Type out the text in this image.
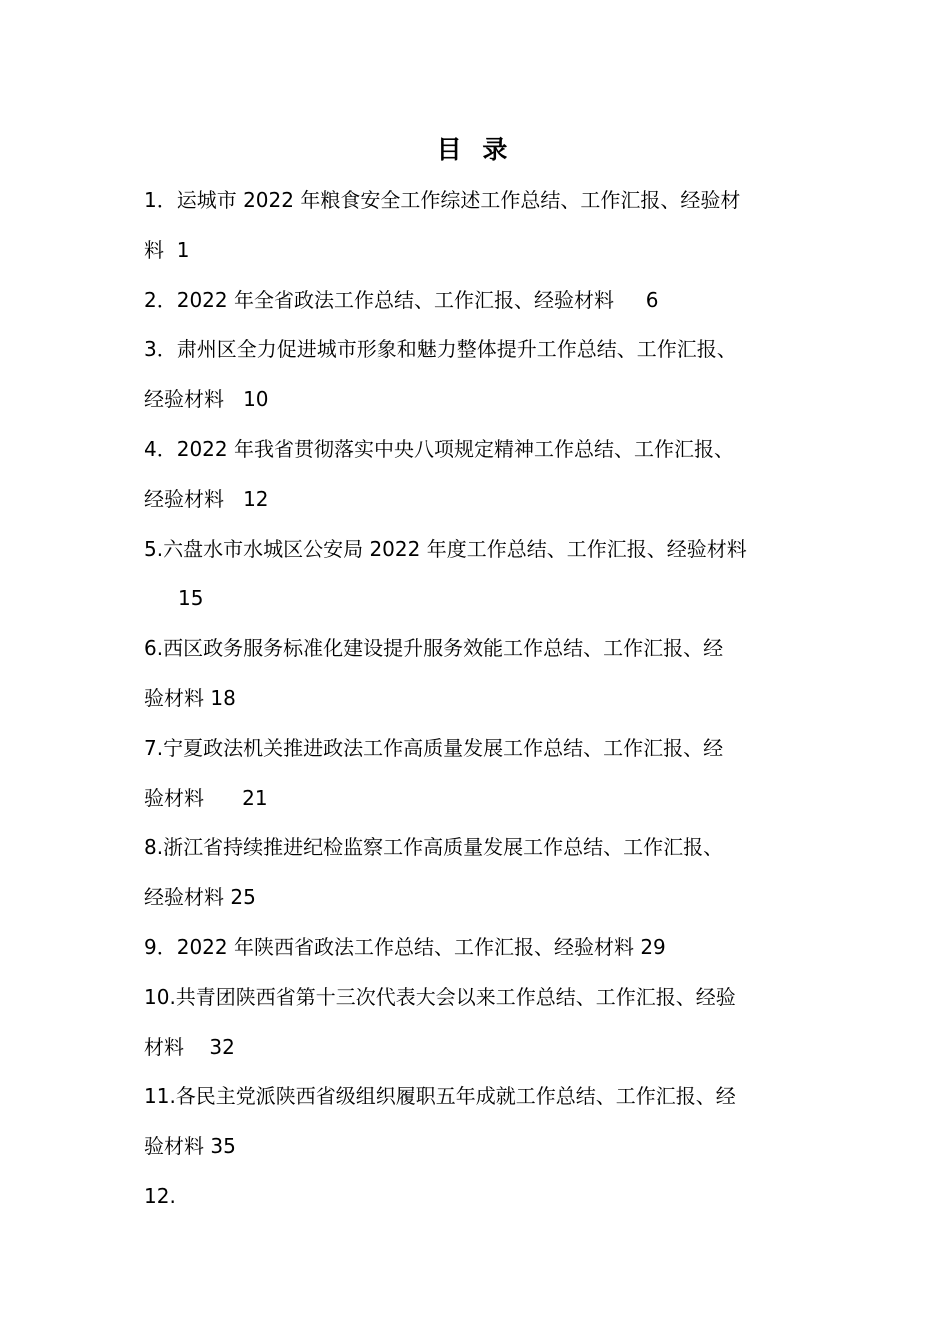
目 录
1．运城市 2022 年粮食安全工作综述工作总结、工作汇报、经验材
料  1
2．2022 年全省政法工作总结、工作汇报、经验材料     6
3．肃州区全力促进城市形象和魅力整体提升工作总结、工作汇报、
经验材料   10
4．2022 年我省贯彻落实中央八项规定精神工作总结、工作汇报、
经验材料   12
5.六盘水市水城区公安局 2022 年度工作总结、工作汇报、经验材料
15
6.西区政务服务标准化建设提升服务效能工作总结、工作汇报、经
验材料 18
7.宁夏政法机关推进政法工作高质量发展工作总结、工作汇报、经
验材料      21
8.浙江省持续推进纪检监察工作高质量发展工作总结、工作汇报、
经验材料 25
9．2022 年陕西省政法工作总结、工作汇报、经验材料 29
10.共青团陕西省第十三次代表大会以来工作总结、工作汇报、经验
材料    32
11.各民主党派陕西省级组织履职五年成就工作总结、工作汇报、经
验材料 35
12.
